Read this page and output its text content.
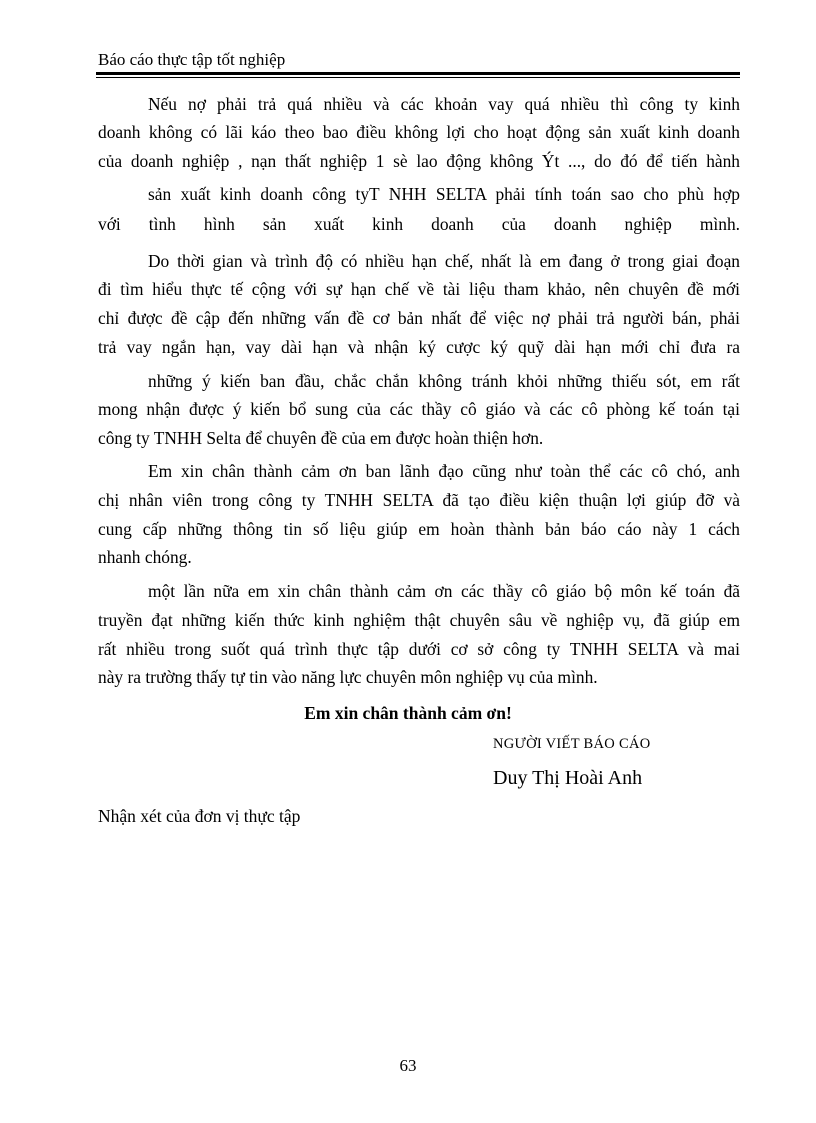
Báo cáo thực tập tốt nghiệp
Nếu nợ phải trả quá nhiều và các khoản vay quá nhiều thì công ty kinh
doanh không có lãi káo theo bao điều không lợi cho hoạt động sản xuất kinh doanh
của doanh nghiệp , nạn thất nghiệp 1 sè lao động không Ýt ..., do đó để tiến hành
sản xuất kinh doanh công tyT NHH SELTA phải tính toán sao cho phù hợp
với tình hình sản xuất kinh doanh của doanh nghiệp mình.
Do thời gian và trình độ có nhiều hạn chế, nhất là em đang ở trong giai đoạn
đi tìm hiểu thực tế cộng với sự hạn chế về tài liệu tham khảo, nên chuyên đề mới
chỉ được đề cập đến những vấn đề cơ bản nhất để việc nợ phải trả người bán, phải
trả vay ngắn hạn, vay dài hạn và nhận ký cược ký quỹ dài hạn mới chỉ đưa ra
những ý kiến ban đầu, chắc chắn không tránh khỏi những thiếu sót, em rất
mong nhận được ý kiến bổ sung của các thầy cô giáo và các cô phòng kế toán tại
công ty TNHH Selta để chuyên đề của em được hoàn thiện hơn.
Em xin chân thành cảm ơn ban lãnh đạo cũng như toàn thể các cô chó, anh
chị nhân viên trong công ty TNHH SELTA đã tạo điều kiện thuận lợi giúp đỡ và
cung cấp những thông tin số liệu giúp em hoàn thành bản báo cáo này 1 cách
nhanh chóng.
một lần nữa em xin chân thành cảm ơn các thầy cô giáo bộ môn kế toán đã
truyền đạt những kiến thức kinh nghiệm thật chuyên sâu về nghiệp vụ, đã giúp em
rất nhiều trong suốt quá trình thực tập dưới cơ sở công ty TNHH SELTA và mai
này ra trường thấy tự tin vào năng lực chuyên môn nghiệp vụ của mình.
Em xin chân thành cảm ơn!
NGƯỜI VIẾT BÁO CÁO
Duy Thị Hoài Anh
Nhận xét của đơn vị thực tập
63
